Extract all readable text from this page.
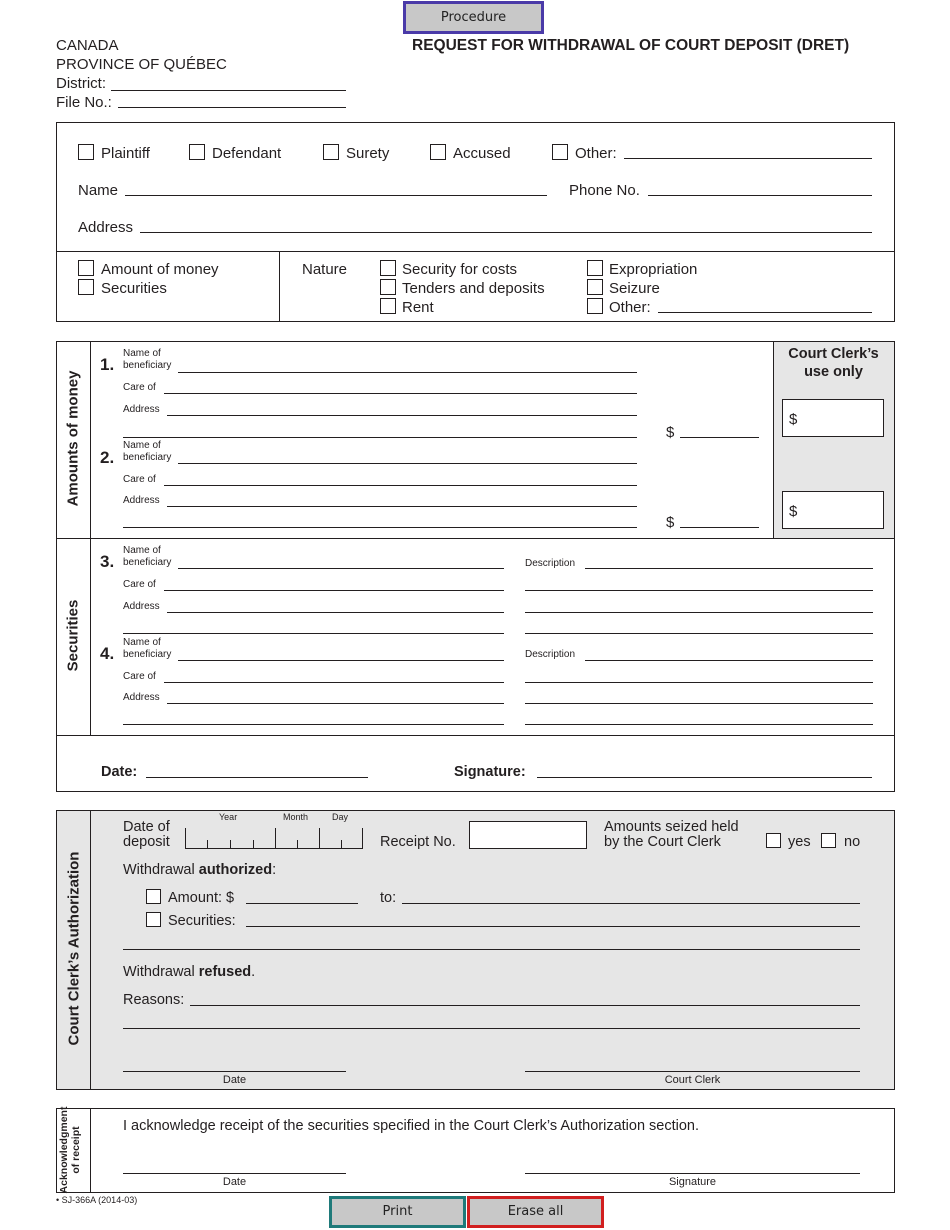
Procedure
CANADA
PROVINCE OF QUÉBEC
District:
File No.:
REQUEST FOR WITHDRAWAL OF COURT DEPOSIT (DRET)
Plaintiff	Defendant	Surety	Accused	Other:
Name	Phone No.
Address
Amount of money
Securities
Nature	Security for costs
Tenders and deposits
Rent
Expropriation
Seizure
Other:
Court Clerk’s
use only
$
$
Amounts of money
1.
Name of
beneficiary
Care of
Address
$
2.
Name of
beneficiary
Care of
Address
$
Securities
3.
Name of
beneficiary
Care of
Address
Description
4.
Name of
beneficiary
Care of
Address
Description
Date:	Signature:
Court Clerk’s Authorization
Date of
deposit
Year	Month	Day
Receipt No.
Amounts seized held
by the Court Clerk	yes no
Withdrawal authorized:
Amount: $	to:
Securities:
Withdrawal refused.
Reasons:
Date	Court Clerk
Acknowledgment of receipt
I acknowledge receipt of the securities specified in the Court Clerk’s Authorization section.
Date	Signature
• SJ-366A (2014-03)
Print	Erase all
